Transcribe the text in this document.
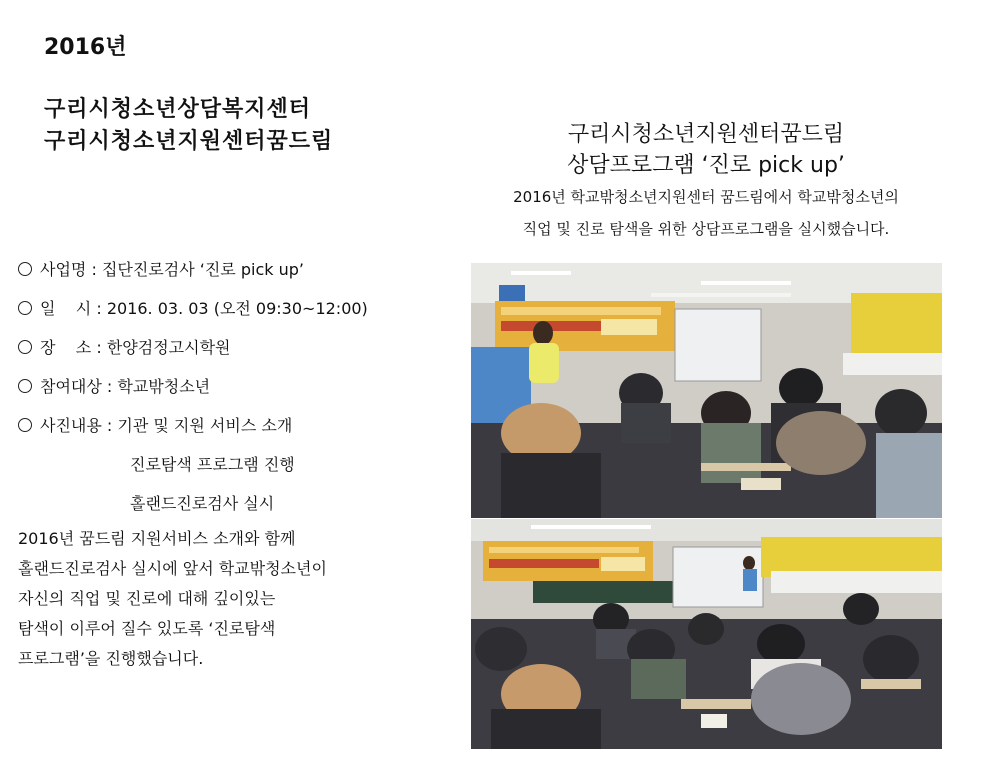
2016년
구리시청소년상담복지센터
구리시청소년지원센터꿈드림
사업명 : 집단진로검사 ‘진로 pick up’
일    시 : 2016. 03. 03 (오전 09:30~12:00)
장    소 : 한양검정고시학원
참여대상 : 학교밖청소년
사진내용 : 기관 및 지원 서비스 소개
진로탐색 프로그램 진행
홀랜드진로검사 실시
2016년 꿈드림 지원서비스 소개와 함께
홀랜드진로검사 실시에 앞서 학교밖청소년이
자신의 직업 및 진로에 대해 깊이있는
탐색이 이루어 질수 있도록 ‘진로탐색
프로그램’을 진행했습니다.
구리시청소년지원센터꿈드림
상담프로그램 ‘진로 pick up’
2016년 학교밖청소년지원센터 꿈드림에서 학교밖청소년의
직업 및 진로 탐색을 위한 상담프로그램을 실시했습니다.
